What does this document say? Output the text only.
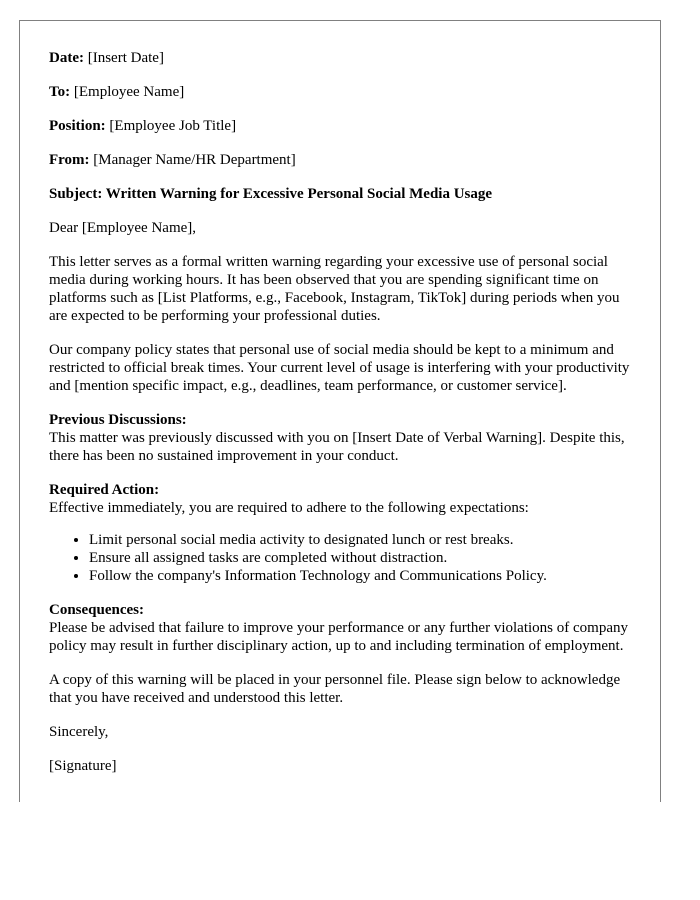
Date: [Insert Date]

To: [Employee Name]

Position: [Employee Job Title]

From: [Manager Name/HR Department]

Subject: Written Warning for Excessive Personal Social Media Usage

Dear [Employee Name],

This letter serves as a formal written warning regarding your excessive use of personal social media during working hours. It has been observed that you are spending significant time on platforms such as [List Platforms, e.g., Facebook, Instagram, TikTok] during periods when you are expected to be performing your professional duties.

Our company policy states that personal use of social media should be kept to a minimum and restricted to official break times. Your current level of usage is interfering with your productivity and [mention specific impact, e.g., deadlines, team performance, or customer service].

Previous Discussions:
This matter was previously discussed with you on [Insert Date of Verbal Warning]. Despite this, there has been no sustained improvement in your conduct.
Required Action:
Effective immediately, you are required to adhere to the following expectations:
• Limit personal social media activity to designated lunch or rest breaks.
• Ensure all assigned tasks are completed without distraction.
• Follow the company's Information Technology and Communications Policy.
Consequences:
Please be advised that failure to improve your performance or any further violations of company policy may result in further disciplinary action, up to and including termination of employment.

A copy of this warning will be placed in your personnel file. Please sign below to acknowledge that you have received and understood this letter.

Sincerely,

[Signature]
